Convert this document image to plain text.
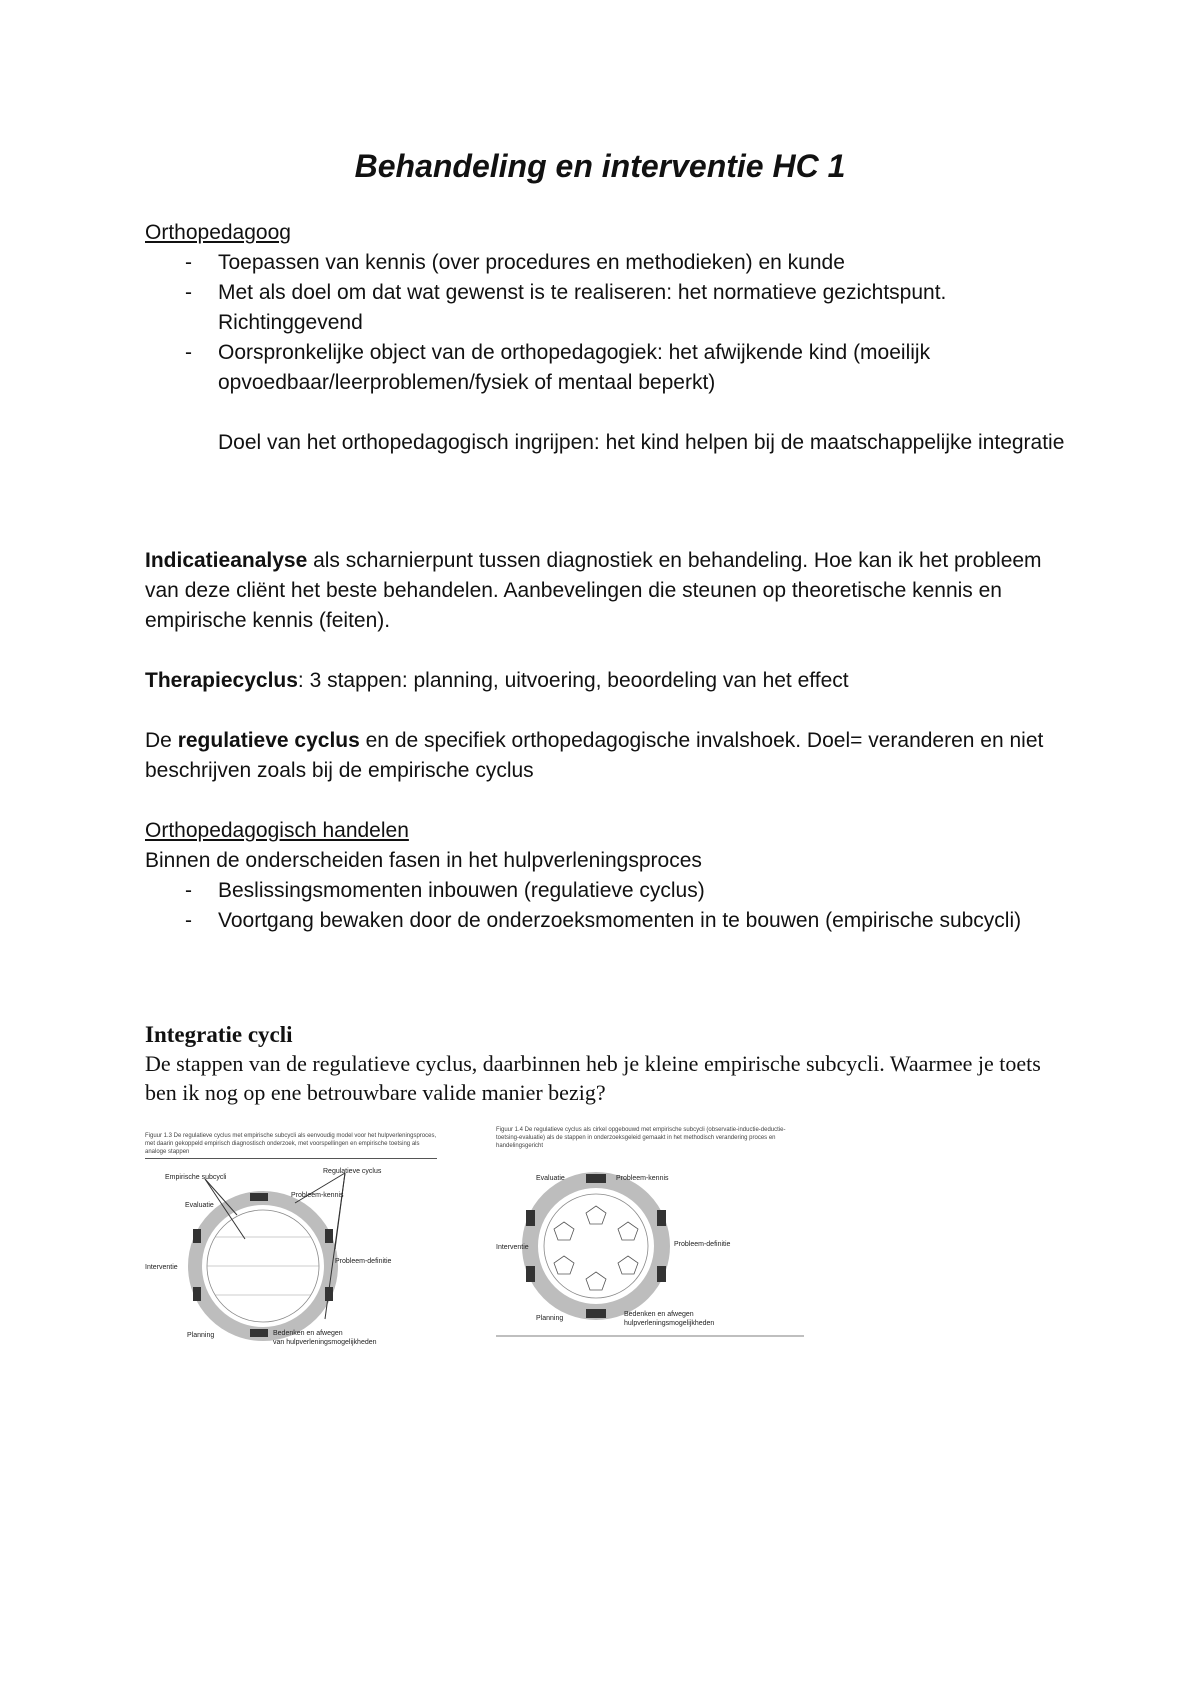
Behandeling en interventie HC 1
Orthopedagoog
- Toepassen van kennis (over procedures en methodieken) en kunde
- Met als doel om dat wat gewenst is te realiseren: het normatieve gezichtspunt. Richtinggevend
- Oorspronkelijke object van de orthopedagogiek: het afwijkende kind (moeilijk opvoedbaar/leerproblemen/fysiek of mentaal beperkt)
Doel van het orthopedagogisch ingrijpen: het kind helpen bij de maatschappelijke integratie
Indicatieanalyse als scharnierpunt tussen diagnostiek en behandeling. Hoe kan ik het probleem van deze cliënt het beste behandelen. Aanbevelingen die steunen op theoretische kennis en empirische kennis (feiten).
Therapiecyclus: 3 stappen: planning, uitvoering, beoordeling van het effect
De regulatieve cyclus en de specifiek orthopedagogische invalshoek. Doel= veranderen en niet beschrijven zoals bij de empirische cyclus
Orthopedagogisch handelen
Binnen de onderscheiden fasen in het hulpverleningsproces
- Beslissingsmomenten inbouwen (regulatieve cyclus)
- Voortgang bewaken door de onderzoeksmomenten in te bouwen (empirische subcycli)
Integratie cycli
De stappen van de regulatieve cyclus, daarbinnen heb je kleine empirische subcycli. Waarmee je toets ben ik nog op ene betrouwbare valide manier bezig?
Figuur 1.3 De regulatieve cyclus met empirische subcycli als eenvoudig model voor het hulpverleningsproces, met daarin gekoppeld empirisch diagnostisch onderzoek, met voorspellingen en empirische toetsing als analoge stappen
Empirische subcycli
Regulatieve cyclus
Evaluatie
Probleem-kennis
Interventie
Probleem-definitie
Planning	Bedenken en afwegen
van hulpverleningsmogelijkheden
Figuur 1.4 De regulatieve cyclus als cirkel opgebouwd met empirische subcycli (observatie-inductie-deductie-toetsing-evaluatie) als de stappen in onderzoeksgeleid gemaakt in het methodisch verandering proces en handelingsgericht
Evaluatie	Probleem-kennis
Interventie	Probleem-definitie
Planning
Bedenken en afwegen
hulpverleningsmogelijkheden
